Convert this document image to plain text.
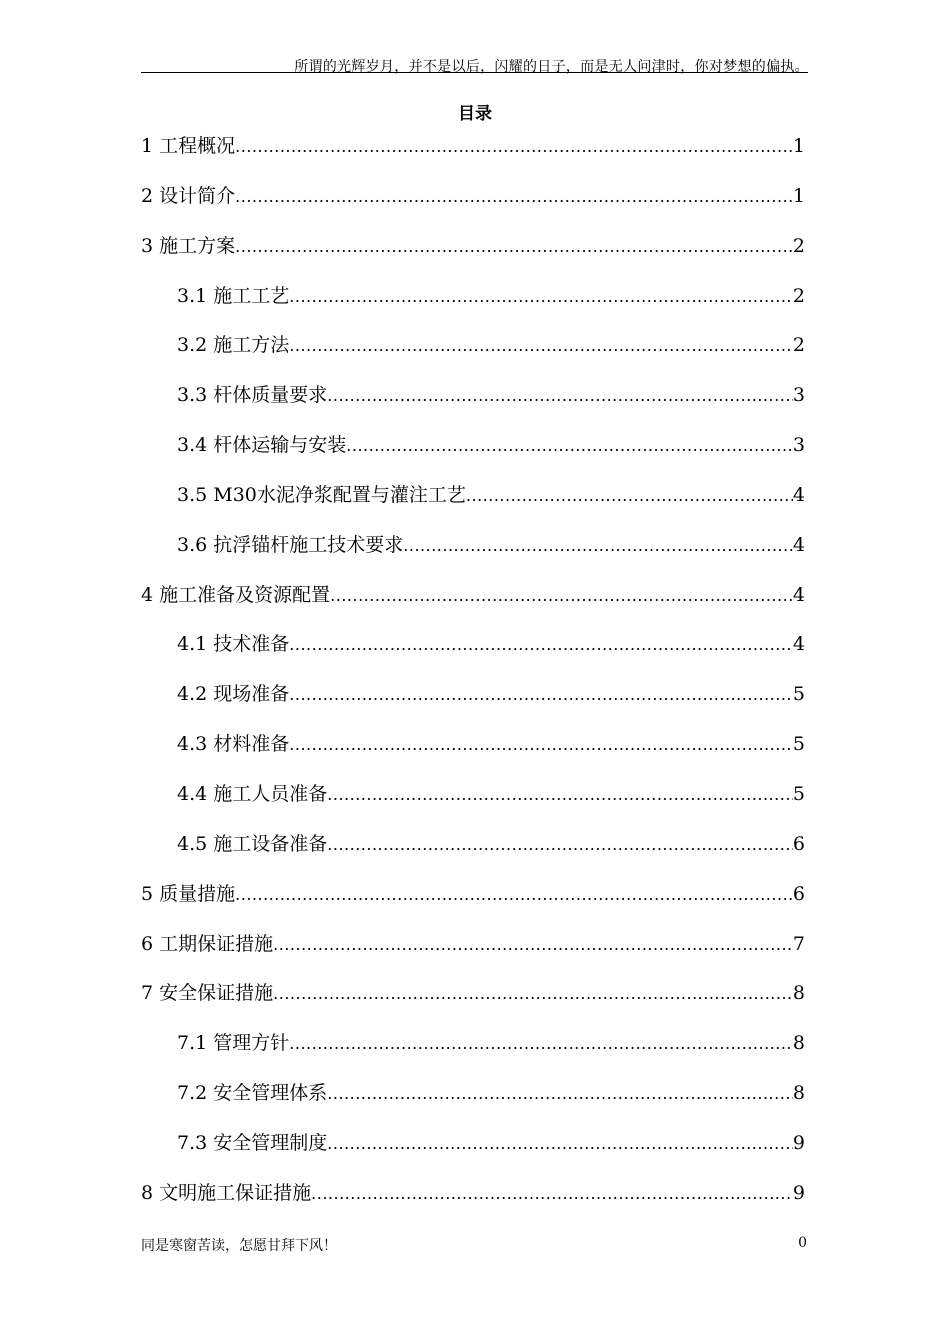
所谓的光辉岁月，并不是以后，闪耀的日子，而是无人问津时，你对梦想的偏执。
目录
1 工程概况 .....	1
2 设计简介 .....	1
3 施工方案 .....	2
3.1 施工工艺 .....	2
3.2 施工方法 .....	2
3.3 杆体质量要求 .....	3
3.4 杆体运输与安装 .....	3
3.5 M30水泥净浆配置与灌注工艺 .....	4
3.6 抗浮锚杆施工技术要求 .....	4
4 施工准备及资源配置 .....	4
4.1 技术准备 .....	4
4.2 现场准备 .....	5
4.3 材料准备 .....	5
4.4 施工人员准备 .....	5
4.5 施工设备准备 .....	6
5 质量措施 .....	6
6 工期保证措施 .....	7
7 安全保证措施 .....	8
7.1 管理方针 .....	8
7.2 安全管理体系 .....	8
7.3 安全管理制度 .....	9
8 文明施工保证措施 .....	9
同是寒窗苦读，怎愿甘拜下风！	0
